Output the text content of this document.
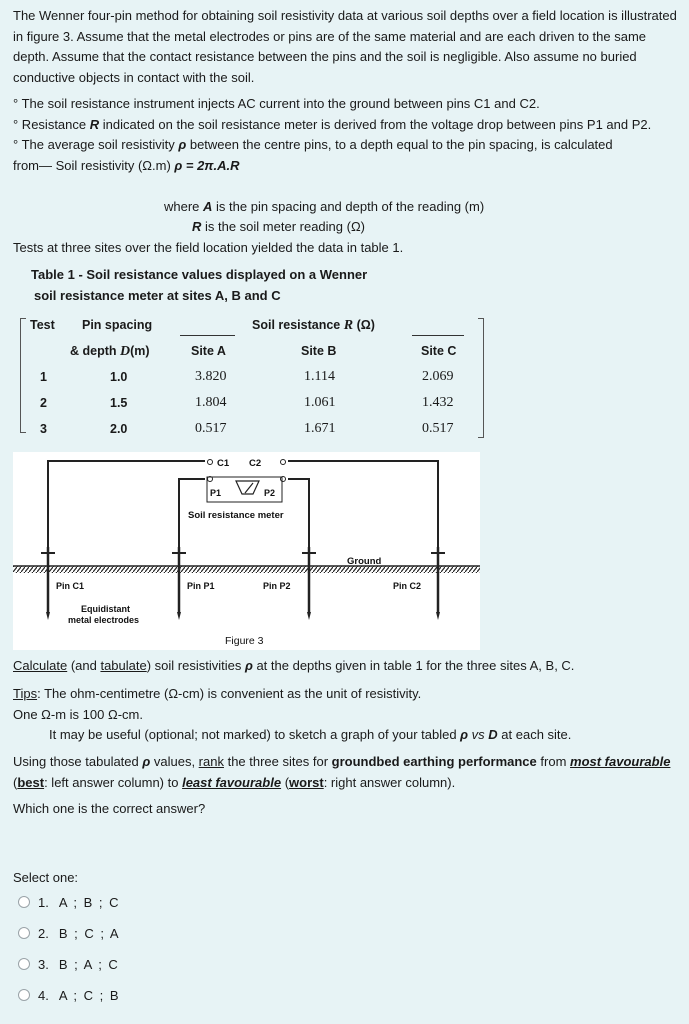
The Wenner four-pin method for obtaining soil resistivity data at various soil depths over a field location is illustrated in figure 3. Assume that the metal electrodes or pins are of the same material and are each driven to the same depth. Assume that the contact resistance between the pins and the soil is negligible. Also assume no buried conductive objects in contact with the soil.

° The soil resistance instrument injects AC current into the ground between pins C1 and C2.

° Resistance R indicated on the soil resistance meter is derived from the voltage drop between pins P1 and P2.

° The average soil resistivity ρ between the centre pins, to a depth equal to the pin spacing, is calculated

from— Soil resistivity (Ω.m) ρ = 2π.A.R

where A is the pin spacing and depth of the reading (m)
R is the soil meter reading (Ω)
Tests at three sites over the field location yielded the data in table 1.
Table 1 - Soil resistance values displayed on a Wenner
soil resistance meter at sites A, B and C
Test Pin spacing	Soil resistance R (Ω)
& depth D(m)	Site A	Site B	Site C
1	1.0	3.820	1.114	2.069
2	1.5	1.804	1.061	1.432
3	2.0	0.517	1.671	0.517
C1 C2
P1	P2
Soil resistance meter
Ground
Pin C1	Pin P1	Pin P2	Pin C2
Equidistant
metal electrodes
Figure 3
Calculate (and tabulate) soil resistivities ρ at the depths given in table 1 for the three sites A, B, C.
Tips: The ohm-centimetre (Ω-cm) is convenient as the unit of resistivity.
One Ω-m is 100 Ω-cm.
It may be useful (optional; not marked) to sketch a graph of your tabled ρ vs D at each site.

Using those tabulated ρ values, rank the three sites for groundbed earthing performance from most favourable (best: left answer column) to least favourable (worst: right answer column).

Which one is the correct answer?
Select one:
1. A ; B ; C
2. B ; C ; A
3. B ; A ; C
4. A ; C ; B
